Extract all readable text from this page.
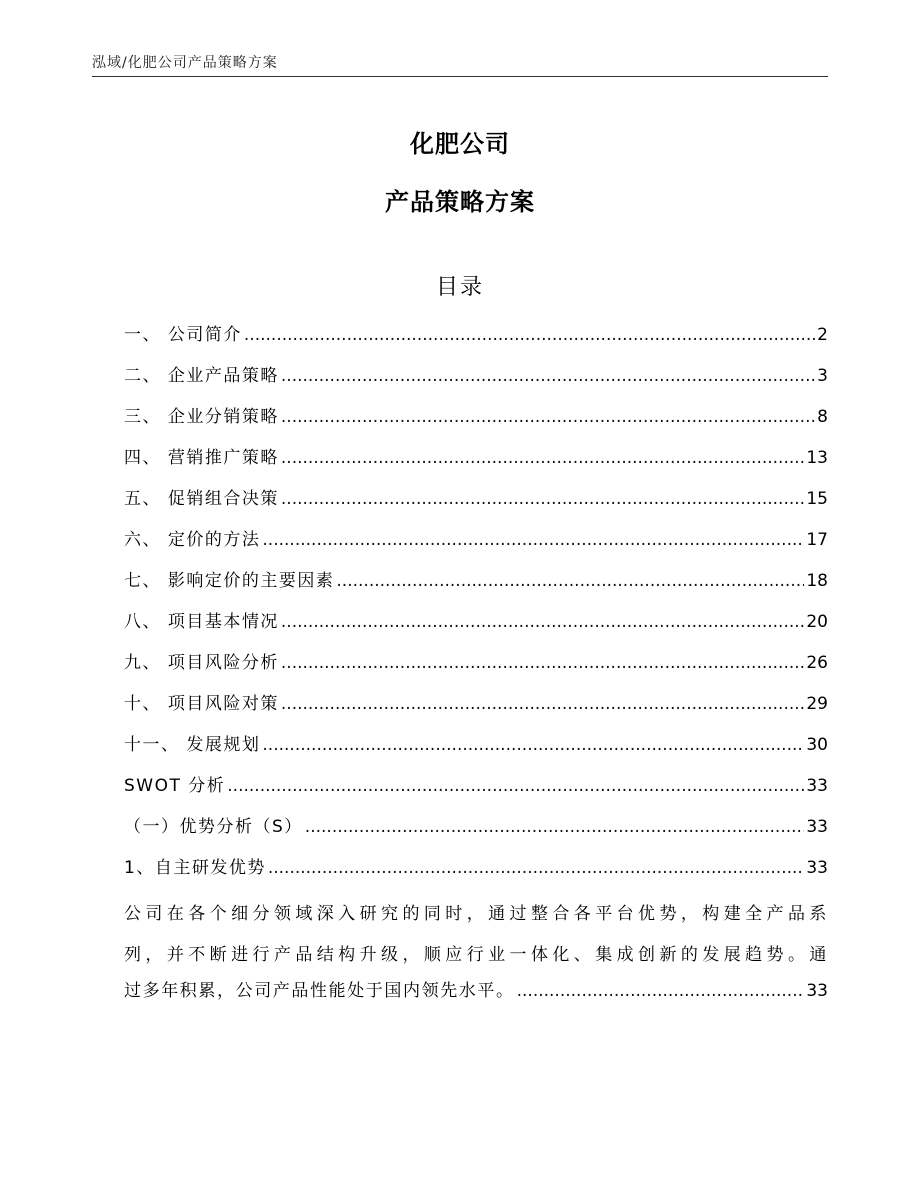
泓域/化肥公司产品策略方案
化肥公司
产品策略方案
目录
一、 公司简介 .....	2
二、 企业产品策略 .....	3
三、 企业分销策略 .....	8
四、 营销推广策略 .....	13
五、 促销组合决策 .....	15
六、 定价的方法 .....	17
七、 影响定价的主要因素 .....	18
八、 项目基本情况 .....	20
九、 项目风险分析 .....	26
十、 项目风险对策 .....	29
十一、 发展规划 .....	30
SWOT 分析 .....	33
（一）优势分析（S） .....	33
1、自主研发优势 .....	33
公司在各个细分领域深入研究的同时，通过整合各平台优势，构建全产品系
列，并不断进行产品结构升级，顺应行业一体化、集成创新的发展趋势。通
过多年积累，公司产品性能处于国内领先水平。 .....	33
